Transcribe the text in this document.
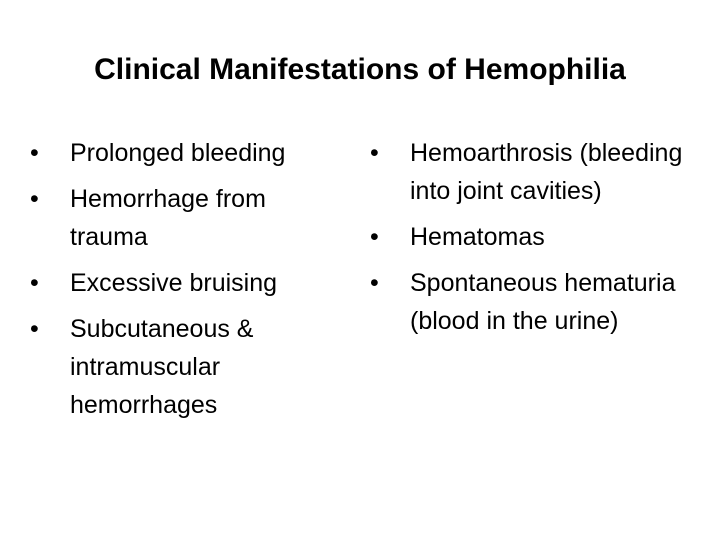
Clinical Manifestations of Hemophilia
•	Prolonged bleeding
•	Hemorrhage from trauma
•	Excessive bruising
•	Subcutaneous & intramuscular hemorrhages
•	Hemoarthrosis (bleeding into joint cavities)
•	Hematomas
•	Spontaneous hematuria (blood in the urine)
